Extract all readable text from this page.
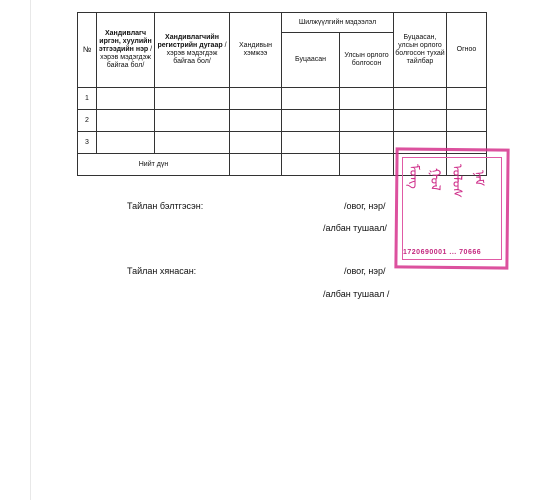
№	Хандивлагч иргэн, хуулийн этгээдийн нэр /хэрэв мэдэгдэж байгаа бол/	Хандивлагчийн регистрийн дугаар /хэрэв мэдэгдэж байгаа бол/	Хандивын хэмжээ	Шилжүүлгийн мэдээлэл		Буцаасан, улсын орлого болгосон тухай тайлбар	Огноо
				Буцаасан	Улсын орлого болгосон		
1							
2							
3							
Нийт дүн							
Тайлан бэлтгэсэн:	/овог, нэр/
/албан тушаал/
Тайлан хянасан:	/овог, нэр/
/албан тушаал /
ᠮᠣᠩ ᠭᠣᠯ ᠤᠯᠤᠰ ᠨᠠᠮ
1720690001 ... 70666
